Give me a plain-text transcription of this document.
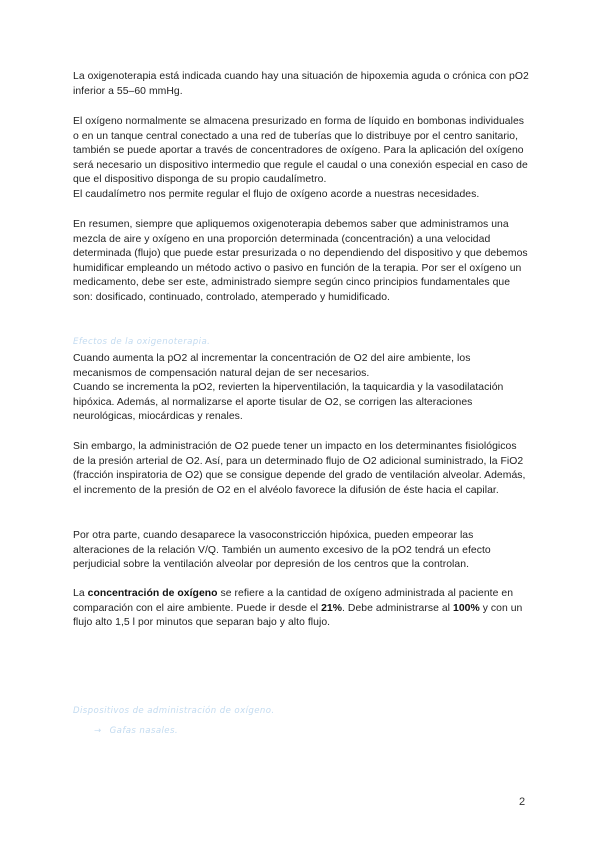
La oxigenoterapia está indicada cuando hay una situación de hipoxemia aguda o crónica con pO2 inferior a 55–60 mmHg.

El oxígeno normalmente se almacena presurizado en forma de líquido en bombonas individuales o en un tanque central conectado a una red de tuberías que lo distribuye por el centro sanitario, también se puede aportar a través de concentradores de oxígeno. Para la aplicación del oxígeno será necesario un dispositivo intermedio que regule el caudal o una conexión especial en caso de que el dispositivo disponga de su propio caudalímetro.

El caudalímetro nos permite regular el flujo de oxígeno acorde a nuestras necesidades.

En resumen, siempre que apliquemos oxigenoterapia debemos saber que administramos una mezcla de aire y oxígeno en una proporción determinada (concentración) a una velocidad determinada (flujo) que puede estar presurizada o no dependiendo del dispositivo y que debemos humidificar empleando un método activo o pasivo en función de la terapia. Por ser el oxígeno un medicamento, debe ser este, administrado siempre según cinco principios fundamentales que son: dosificado, continuado, controlado, atemperado y humidificado.

Efectos de la oxigenoterapia.

Cuando aumenta la pO2 al incrementar la concentración de O2 del aire ambiente, los mecanismos de compensación natural dejan de ser necesarios.

Cuando se incrementa la pO2, revierten la hiperventilación, la taquicardia y la vasodilatación hipóxica. Además, al normalizarse el aporte tisular de O2, se corrigen las alteraciones neurológicas, miocárdicas y renales.

Sin embargo, la administración de O2 puede tener un impacto en los determinantes fisiológicos de la presión arterial de O2. Así, para un determinado flujo de O2 adicional suministrado, la FiO2 (fracción inspiratoria de O2) que se consigue depende del grado de ventilación alveolar. Además, el incremento de la presión de O2 en el alvéolo favorece la difusión de éste hacia el capilar.

Por otra parte, cuando desaparece la vasoconstricción hipóxica, pueden empeorar las alteraciones de la relación V/Q. También un aumento excesivo de la pO2 tendrá un efecto perjudicial sobre la ventilación alveolar por depresión de los centros que la controlan.

La concentración de oxígeno se refiere a la cantidad de oxígeno administrada al paciente en comparación con el aire ambiente. Puede ir desde el 21%. Debe administrarse al 100% y con un flujo alto 1,5 l por minutos que separan bajo y alto flujo.

Dispositivos de administración de oxígeno.
→ Gafas nasales.
2
